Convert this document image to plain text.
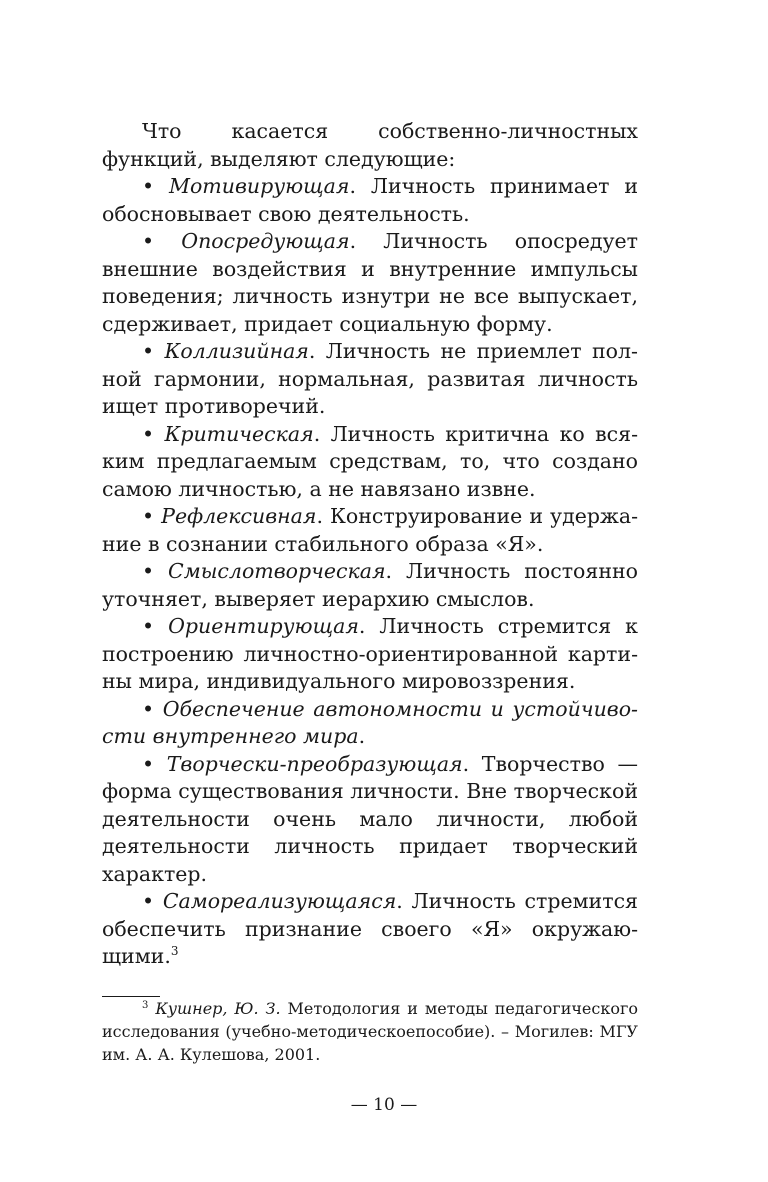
Что касается собственно-личностных функций, выделяют следующие:

• Мотивирующая. Личность принимает и обосновывает свою деятельность.

• Опосредующая. Личность опосредует внешние воздействия и внутренние импульсы поведения; личность изнутри не все выпускает, сдерживает, придает социальную форму.

• Коллизийная. Личность не приемлет полной гармонии, нормальная, развитая личность ищет противоречий.

• Критическая. Личность критична ко всяким предлагаемым средствам, то, что создано самою личностью, а не навязано извне.

• Рефлексивная. Конструирование и удержание в сознании стабильного образа «Я».

• Смыслотворческая. Личность постоянно уточняет, выверяет иерархию смыслов.

• Ориентирующая. Личность стремится к построению личностно-ориентированной картины мира, индивидуального мировоззрения.

• Обеспечение автономности и устойчивости внутреннего мира.

• Творчески-преобразующая. Творчество — форма существования личности. Вне творческой деятельности очень мало личности, любой деятельности личность придает творческий характер.

• Самореализующаяся. Личность стремится обеспечить признание своего «Я» окружающими.$^3$

$^3$ Кушнер, Ю. З. Методология и методы педагогического исследования (учебно-методическоепособие). – Могилев: МГУ им. А. А. Кулешова, 2001.

— 10 —
